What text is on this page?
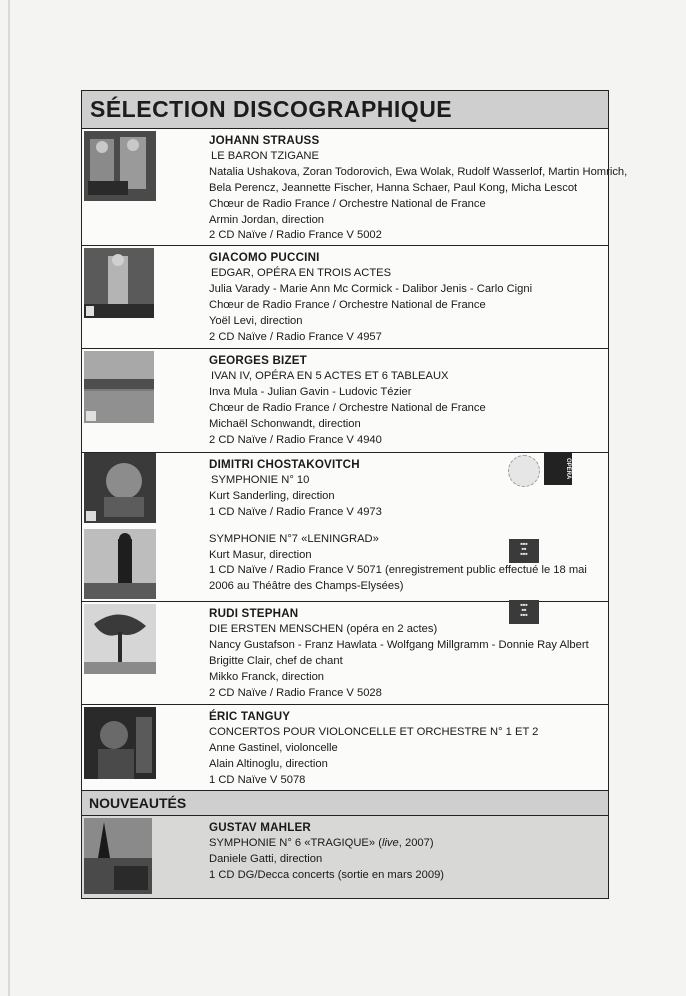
SÉLECTION DISCOGRAPHIQUE
JOHANN STRAUSS
LE BARON TZIGANE
Natalia Ushakova, Zoran Todorovich, Ewa Wolak, Rudolf Wasserlof, Martin Homrich,
Bela Perencz, Jeannette Fischer, Hanna Schaer, Paul Kong, Micha Lescot
Chœur de Radio France / Orchestre National de France
Armin Jordan, direction
2 CD Naïve / Radio France V 5002
GIACOMO PUCCINI
EDGAR, OPÉRA EN TROIS ACTES
Julia Varady - Marie Ann Mc Cormick - Dalibor Jenis - Carlo Cigni
Chœur de Radio France / Orchestre National de France
Yoël Levi, direction
2 CD Naïve / Radio France V 4957
GEORGES BIZET
IVAN IV, OPÉRA EN 5 ACTES ET 6 TABLEAUX
Inva Mula - Julian Gavin - Ludovic Tézier
Chœur de Radio France / Orchestre National de France
Michaël Schonwandt, direction
2 CD Naïve / Radio France V 4940
OPÉRA
■■■
■■
■■■
DIMITRI CHOSTAKOVITCH
SYMPHONIE N° 10
Kurt Sanderling, direction
1 CD Naïve / Radio France V 4973
SYMPHONIE N°7 «LENINGRAD»
Kurt Masur, direction
1 CD Naïve / Radio France V 5071 (enregistrement public effectué le 18 mai 2006 au Théâtre des Champs-Elysées)
■■■
■■
■■■
RUDI STEPHAN
DIE ERSTEN MENSCHEN (opéra en 2 actes)
Nancy Gustafson - Franz Hawlata - Wolfgang Millgramm - Donnie Ray Albert
Brigitte Clair, chef de chant
Mikko Franck, direction
2 CD Naïve / Radio France V 5028
ÉRIC TANGUY
CONCERTOS POUR VIOLONCELLE ET ORCHESTRE N° 1 ET 2
Anne Gastinel, violoncelle
Alain Altinoglu, direction
1 CD Naïve V 5078
NOUVEAUTÉS
GUSTAV MAHLER
SYMPHONIE N° 6 «TRAGIQUE» (live, 2007)
Daniele Gatti, direction
1 CD DG/Decca concerts (sortie en mars 2009)
